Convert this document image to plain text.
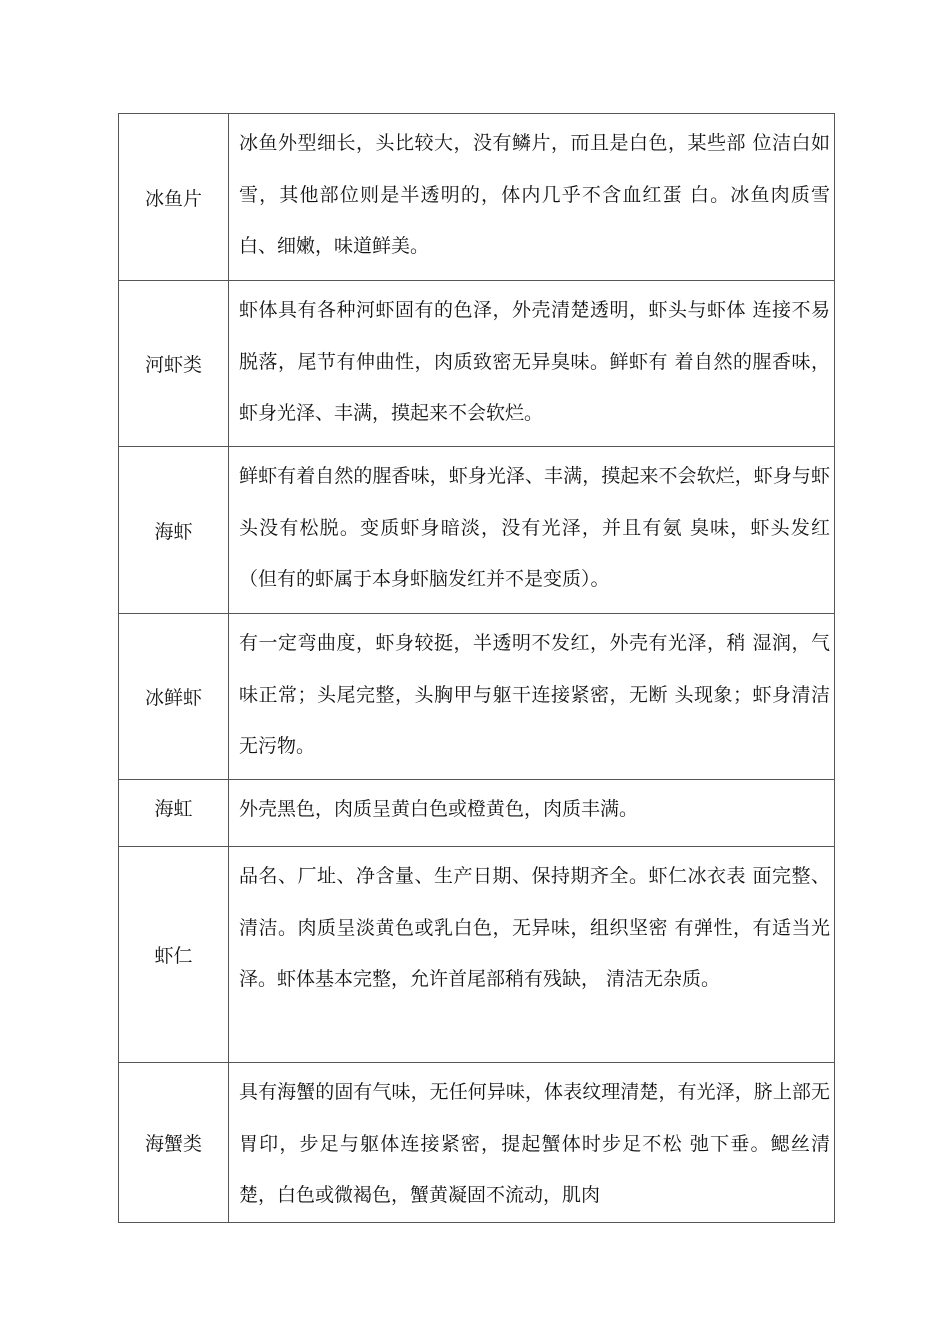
冰鱼片	冰鱼外型细长，头比较大，没有鳞片，而且是白色，某些部 位洁白如雪，其他部位则是半透明的，体内几乎不含血红蛋 白。冰鱼肉质雪白、细嫩，味道鲜美。
河虾类	虾体具有各种河虾固有的色泽，外壳清楚透明，虾头与虾体 连接不易脱落，尾节有伸曲性，肉质致密无异臭味。鲜虾有 着自然的腥香味，虾身光泽、丰满，摸起来不会软烂。
海虾	鲜虾有着自然的腥香味，虾身光泽、丰满，摸起来不会软烂，虾身与虾头没有松脱。变质虾身暗淡，没有光泽，并且有氨 臭味，虾头发红（但有的虾属于本身虾脑发红并不是变质）。
冰鲜虾	有一定弯曲度，虾身较挺，半透明不发红，外壳有光泽，稍 湿润，气味正常；头尾完整，头胸甲与躯干连接紧密，无断 头现象；虾身清洁无污物。
海虹	外壳黑色，肉质呈黄白色或橙黄色，肉质丰满。
虾仁	品名、厂址、净含量、生产日期、保持期齐全。虾仁冰衣表 面完整、清洁。肉质呈淡黄色或乳白色，无异味，组织坚密 有弹性，有适当光泽。虾体基本完整，允许首尾部稍有残缺， 清洁无杂质。
海蟹类	具有海蟹的固有气味，无任何异味，体表纹理清楚，有光泽，脐上部无胃印，步足与躯体连接紧密，提起蟹体时步足不松 弛下垂。鳃丝清楚，白色或微褐色，蟹黄凝固不流动，肌肉
